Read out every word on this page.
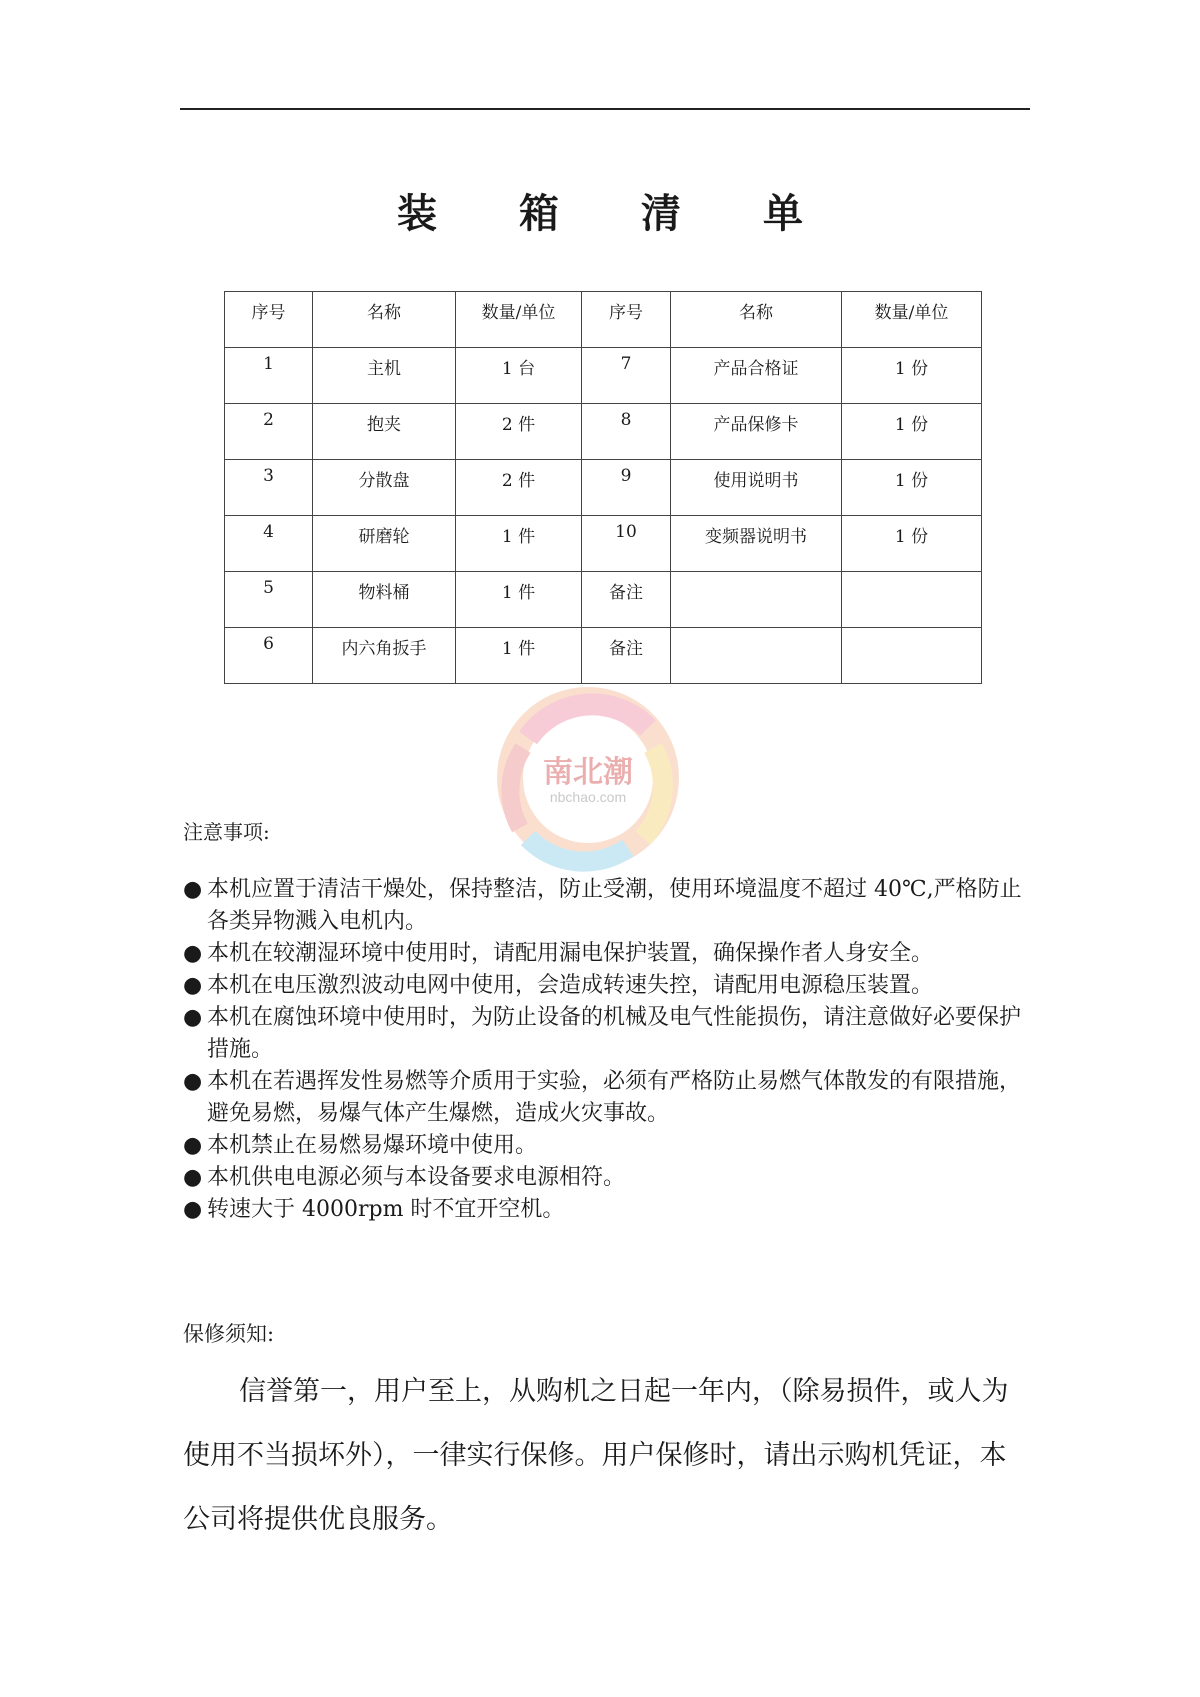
装 箱 清 单
序号	名称	数量/单位	序号	名称	数量/单位
1	主机	1 台	7	产品合格证	1 份
2	抱夹	2 件	8	产品保修卡	1 份
3	分散盘	2 件	9	使用说明书	1 份
4	研磨轮	1 件	10	变频器说明书	1 份
5	物料桶	1 件	备注		
6	内六角扳手	1 件	备注		
南北潮
nbchao.com
注意事项:
● 本机应置于清洁干燥处，保持整洁，防止受潮，使用环境温度不超过 40℃,严格防止各类异物溅入电机内。
● 本机在较潮湿环境中使用时，请配用漏电保护装置，确保操作者人身安全。
● 本机在电压激烈波动电网中使用，会造成转速失控，请配用电源稳压装置。
● 本机在腐蚀环境中使用时，为防止设备的机械及电气性能损伤，请注意做好必要保护措施。
● 本机在若遇挥发性易燃等介质用于实验，必须有严格防止易燃气体散发的有限措施，避免易燃，易爆气体产生爆燃，造成火灾事故。
● 本机禁止在易燃易爆环境中使用。
● 本机供电电源必须与本设备要求电源相符。
● 转速大于 4000rpm 时不宜开空机。
保修须知:
信誉第一，用户至上，从购机之日起一年内，（除易损件，或人为使用不当损坏外），一律实行保修。用户保修时，请出示购机凭证，本公司将提供优良服务。
